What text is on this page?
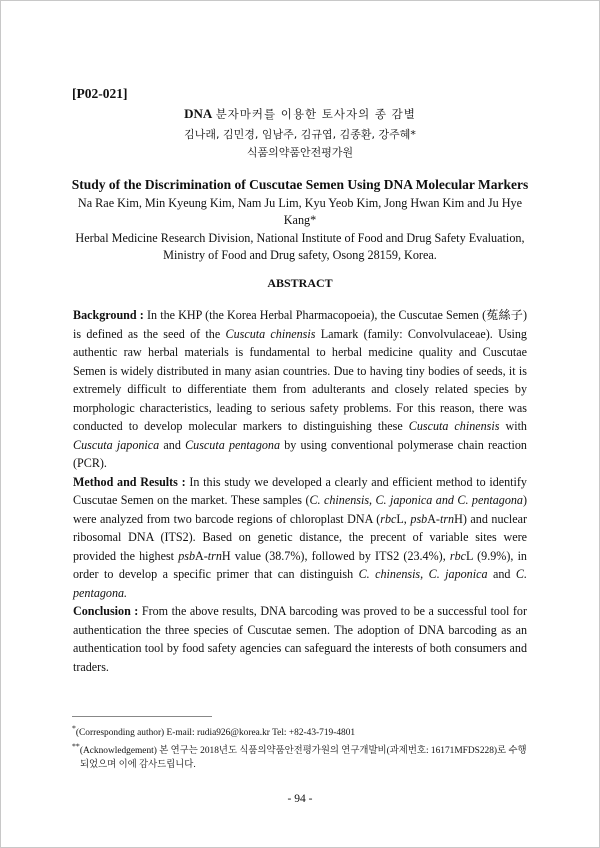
[P02-021]
DNA 분자마커를 이용한 토사자의 종 감별
김나래, 김민경, 임남주, 김규엽, 김종환, 강주혜*
식품의약품안전평가원
Study of the Discrimination of Cuscutae Semen Using DNA Molecular Markers
Na Rae Kim, Min Kyeung Kim, Nam Ju Lim, Kyu Yeob Kim, Jong Hwan Kim and Ju Hye Kang*
Herbal Medicine Research Division, National Institute of Food and Drug Safety Evaluation,
Ministry of Food and Drug safety, Osong 28159, Korea.
ABSTRACT

Background : In the KHP (the Korea Herbal Pharmacopoeia), the Cuscutae Semen (菟絲子) is defined as the seed of the Cuscuta chinensis Lamark (family: Convolvulaceae). Using authentic raw herbal materials is fundamental to herbal medicine quality and Cuscutae Semen is widely distributed in many asian countries. Due to having tiny bodies of seeds, it is extremely difficult to differentiate them from adulterants and closely related species by morphologic characteristics, leading to serious safety problems. For this reason, there was conducted to develop molecular markers to distinguishing these Cuscuta chinensis with Cuscuta japonica and Cuscuta pentagona by using conventional polymerase chain reaction (PCR).

Method and Results : In this study we developed a clearly and efficient method to identify Cuscutae Semen on the market. These samples (C. chinensis, C. japonica and C. pentagona) were analyzed from two barcode regions of chloroplast DNA (rbcL, psbA-trnH) and nuclear ribosomal DNA (ITS2). Based on genetic distance, the precent of variable sites were provided the highest psbA-trnH value (38.7%), followed by ITS2 (23.4%), rbcL (9.9%), in order to develop a specific primer that can distinguish C. chinensis, C. japonica and C. pentagona.

Conclusion : From the above results, DNA barcoding was proved to be a successful tool for authentication the three species of Cuscutae semen. The adoption of DNA barcoding as an authentication tool by food safety agencies can safeguard the interests of both consumers and traders.

*(Corresponding author) E-mail: rudia926@korea.kr Tel: +82-43-719-4801

**(Acknowledgement) 본 연구는 2018년도 식품의약품안전평가원의 연구개발비(과제번호: 16171MFDS228)로 수행되었으며 이에 감사드립니다.

- 94 -
